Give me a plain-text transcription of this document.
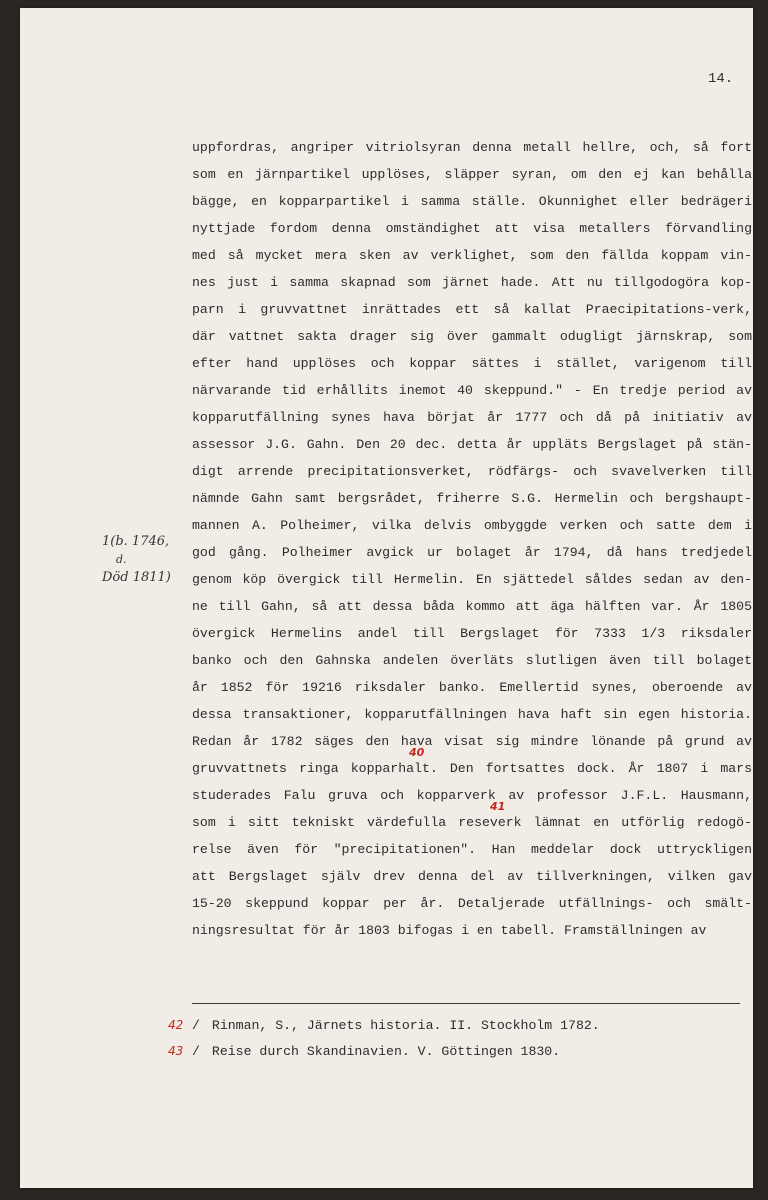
14.
uppfordras, angriper vitriolsyran denna metall hellre, och, så fort
som en järnpartikel upplöses, släpper syran, om den ej kan behålla
bägge, en kopparpartikel i samma ställe. Okunnighet eller bedrägeri
nyttjade fordom denna omständighet att visa metallers förvandling
med så mycket mera sken av verklighet, som den fällda koppam vin-
nes just i samma skapnad som järnet hade. Att nu tillgodogöra kop-
parn i gruvvattnet inrättades ett så kallat Praecipitations-verk,
där vattnet sakta drager sig över gammalt odugligt järnskrap, som
efter hand upplöses och koppar sättes i stället, varigenom till
närvarande tid erhållits inemot 40 skeppund." - En tredje period av
kopparutfällning synes hava börjat år 1777 och då på initiativ av
assessor J.G. Gahn. Den 20 dec. detta år uppläts Bergslaget på stän-
digt arrende precipitationsverket, rödfärgs- och svavelverken till
nämnde Gahn samt bergsrådet, friherre S.G. Hermelin och bergshaupt-
mannen A. Polheimer, vilka delvis ombyggde verken och satte dem i
god gång. Polheimer avgick ur bolaget år 1794, då hans tredjedel
genom köp övergick till Hermelin. En sjättedel såldes sedan av den-
ne till Gahn, så att dessa båda kommo att äga hälften var. År 1805
övergick Hermelins andel till Bergslaget för 7333 1/3 riksdaler
banko och den Gahnska andelen överläts slutligen även till bolaget
år 1852 för 19216 riksdaler banko. Emellertid synes, oberoende av
dessa transaktioner, kopparutfällningen hava haft sin egen historia.
Redan år 1782 säges den hava visat sig mindre lönande på grund av
gruvvattnets ringa kopparhalt. Den fortsattes dock. År 1807 i mars
studerades Falu gruva och kopparverk av professor J.F.L. Hausmann,
som i sitt tekniskt värdefulla reseverk lämnat en utförlig redogö-
relse även för "precipitationen". Han meddelar dock uttryckligen
att Bergslaget själv drev denna del av tillverkningen, vilken gav
15-20 skeppund koppar per år. Detaljerade utfällnings- och smält-
ningsresultat för år 1803 bifogas i en tabell. Framställningen av
1(b. 1746,
d.
Död 1811)
40
41
42 / Rinman, S., Järnets historia. II. Stockholm 1782.
43 / Reise durch Skandinavien. V. Göttingen 1830.
